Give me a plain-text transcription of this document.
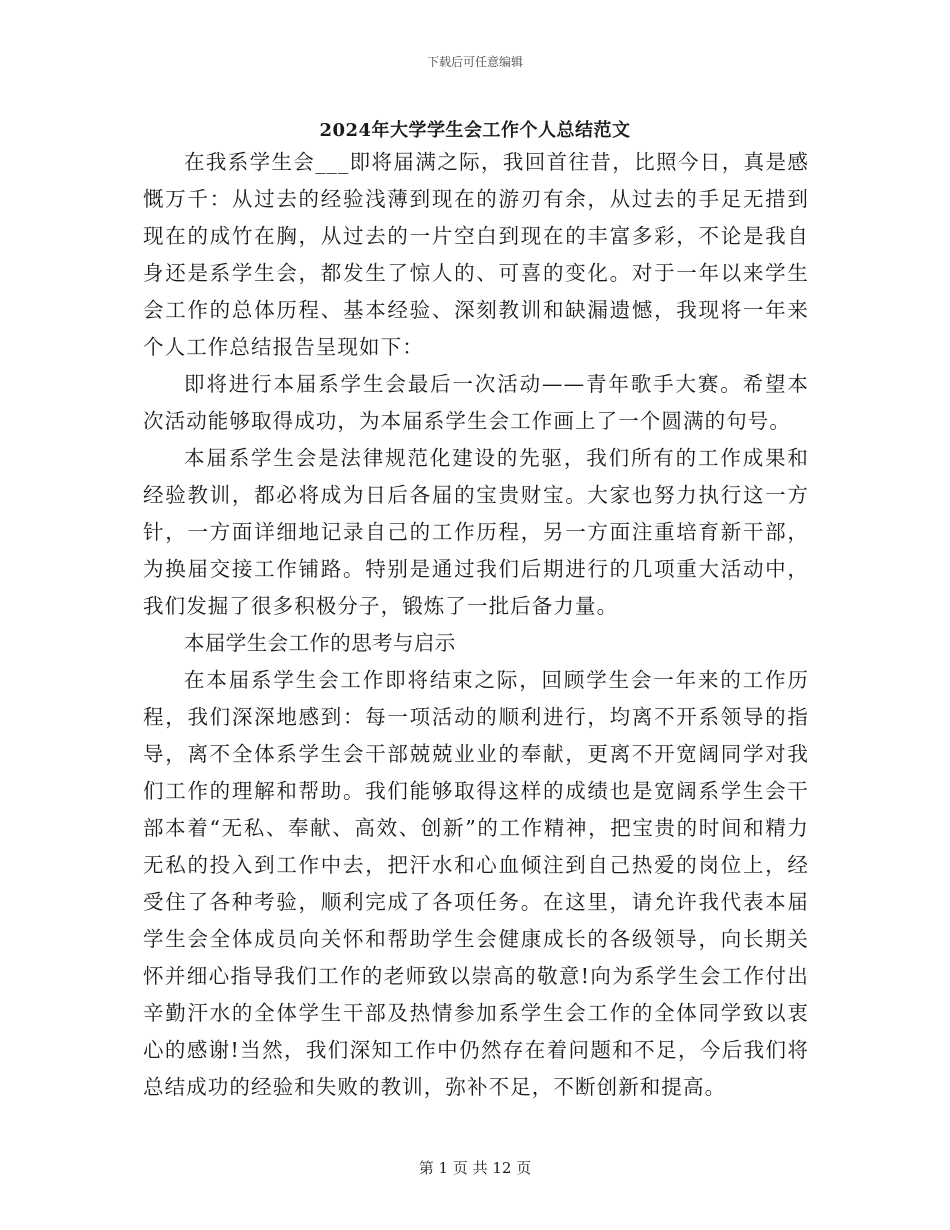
下载后可任意编辑
2024年大学学生会工作个人总结范文

在我系学生会___即将届满之际，我回首往昔，比照今日，真是感慨万千：从过去的经验浅薄到现在的游刃有余，从过去的手足无措到现在的成竹在胸，从过去的一片空白到现在的丰富多彩，不论是我自身还是系学生会，都发生了惊人的、可喜的变化。对于一年以来学生会工作的总体历程、基本经验、深刻教训和缺漏遗憾，我现将一年来个人工作总结报告呈现如下：

即将进行本届系学生会最后一次活动——青年歌手大赛。希望本次活动能够取得成功，为本届系学生会工作画上了一个圆满的句号。

本届系学生会是法律规范化建设的先驱，我们所有的工作成果和经验教训，都必将成为日后各届的宝贵财宝。大家也努力执行这一方针，一方面详细地记录自己的工作历程，另一方面注重培育新干部，为换届交接工作铺路。特别是通过我们后期进行的几项重大活动中，我们发掘了很多积极分子，锻炼了一批后备力量。

本届学生会工作的思考与启示

在本届系学生会工作即将结束之际，回顾学生会一年来的工作历程，我们深深地感到：每一项活动的顺利进行，均离不开系领导的指导，离不全体系学生会干部兢兢业业的奉献，更离不开宽阔同学对我们工作的理解和帮助。我们能够取得这样的成绩也是宽阔系学生会干部本着“无私、奉献、高效、创新”的工作精神，把宝贵的时间和精力无私的投入到工作中去，把汗水和心血倾注到自己热爱的岗位上，经受住了各种考验，顺利完成了各项任务。在这里，请允许我代表本届学生会全体成员向关怀和帮助学生会健康成长的各级领导，向长期关怀并细心指导我们工作的老师致以崇高的敬意!向为系学生会工作付出辛勤汗水的全体学生干部及热情参加系学生会工作的全体同学致以衷心的感谢!当然，我们深知工作中仍然存在着问题和不足，今后我们将总结成功的经验和失败的教训，弥补不足，不断创新和提高。

第 1 页 共 12 页
